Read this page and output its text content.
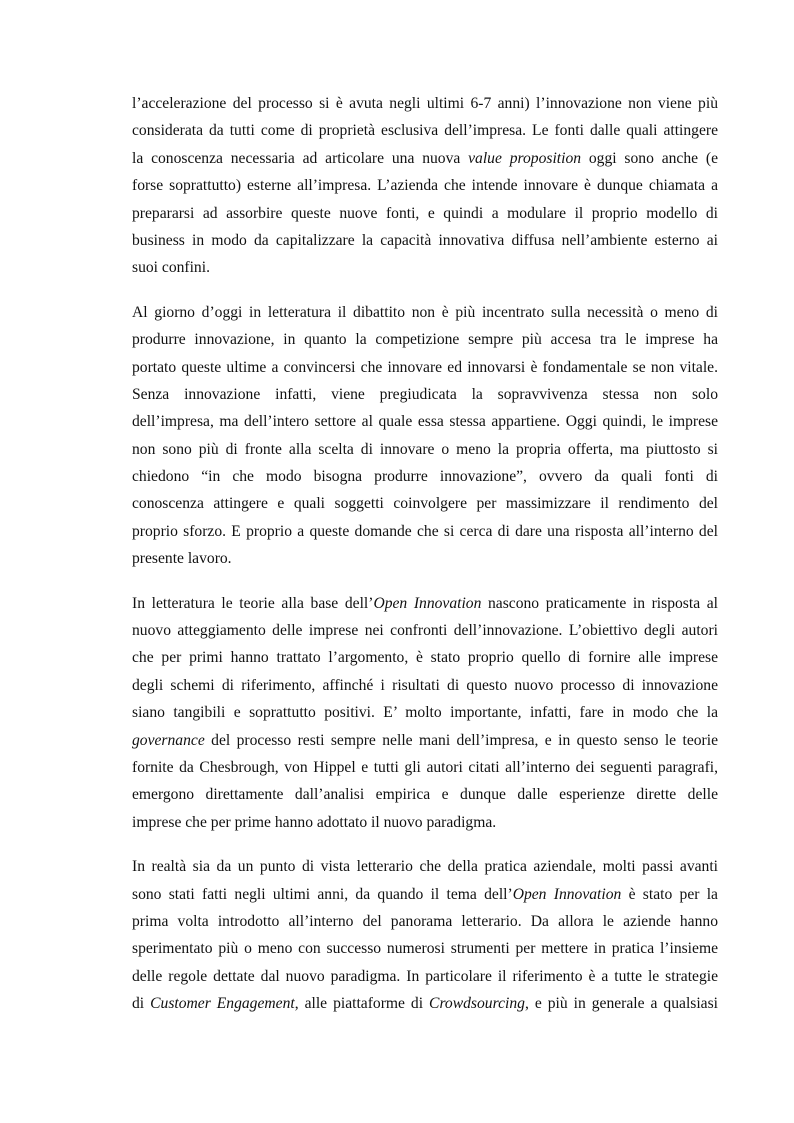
l’accelerazione del processo si è avuta negli ultimi 6-7 anni) l’innovazione non viene più
considerata da tutti come di proprietà esclusiva dell’impresa. Le fonti dalle quali attingere
la conoscenza necessaria ad articolare una nuova value proposition oggi sono anche (e
forse soprattutto) esterne all’impresa. L’azienda che intende innovare è dunque chiamata a
prepararsi ad assorbire queste nuove fonti, e quindi a modulare il proprio modello di
business in modo da capitalizzare la capacità innovativa diffusa nell’ambiente esterno ai
suoi confini.
Al giorno d’oggi in letteratura il dibattito non è più incentrato sulla necessità o meno di
produrre innovazione, in quanto la competizione sempre più accesa tra le imprese ha
portato queste ultime a convincersi che innovare ed innovarsi è fondamentale se non vitale.
Senza innovazione infatti, viene pregiudicata la sopravvivenza stessa non solo
dell’impresa, ma dell’intero settore al quale essa stessa appartiene. Oggi quindi, le imprese
non sono più di fronte alla scelta di innovare o meno la propria offerta, ma piuttosto si
chiedono “in che modo bisogna produrre innovazione”, ovvero da quali fonti di
conoscenza attingere e quali soggetti coinvolgere per massimizzare il rendimento del
proprio sforzo. E proprio a queste domande che si cerca di dare una risposta all’interno del
presente lavoro.
In letteratura le teorie alla base dell’Open Innovation nascono praticamente in risposta al
nuovo atteggiamento delle imprese nei confronti dell’innovazione. L’obiettivo degli autori
che per primi hanno trattato l’argomento, è stato proprio quello di fornire alle imprese
degli schemi di riferimento, affinché i risultati di questo nuovo processo di innovazione
siano tangibili e soprattutto positivi. E’ molto importante, infatti, fare in modo che la
governance del processo resti sempre nelle mani dell’impresa, e in questo senso le teorie
fornite da Chesbrough, von Hippel e tutti gli autori citati all’interno dei seguenti paragrafi,
emergono direttamente dall’analisi empirica e dunque dalle esperienze dirette delle
imprese che per prime hanno adottato il nuovo paradigma.
In realtà sia da un punto di vista letterario che della pratica aziendale, molti passi avanti
sono stati fatti negli ultimi anni, da quando il tema dell’Open Innovation è stato per la
prima volta introdotto all’interno del panorama letterario. Da allora le aziende hanno
sperimentato più o meno con successo numerosi strumenti per mettere in pratica l’insieme
delle regole dettate dal nuovo paradigma. In particolare il riferimento è a tutte le strategie
di Customer Engagement, alle piattaforme di Crowdsourcing, e più in generale a qualsiasi
